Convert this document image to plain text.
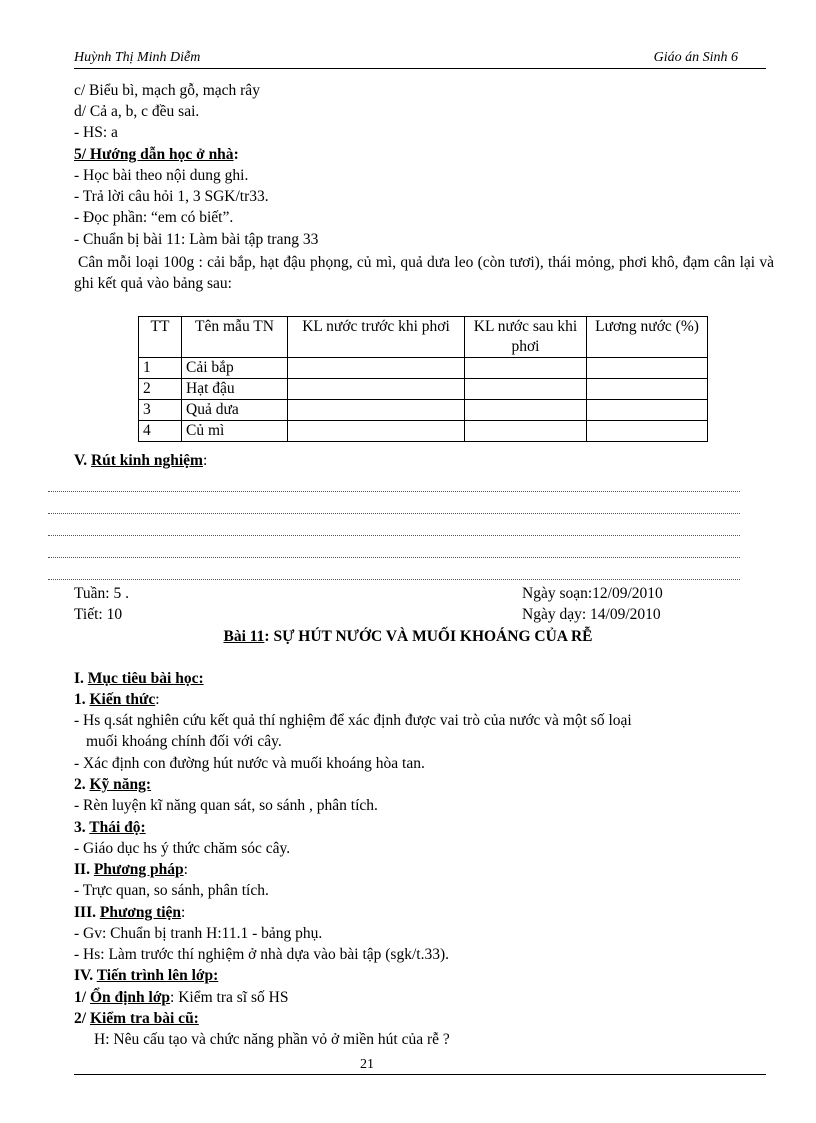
Huỳnh Thị Minh Diễm	Giáo án Sinh 6
c/ Biểu bì, mạch gỗ, mạch rây
d/ Cả a, b, c đều sai.
- HS: a
5/ Hướng dẫn học ở nhà:
- Học bài theo nội dung ghi.
- Trả lời câu hỏi 1, 3 SGK/tr33.
- Đọc phần: “em có biết”.
- Chuẩn bị bài 11: Làm bài tập trang 33
Cân mỗi loại 100g : cải bắp, hạt đậu phọng, củ mì, quả dưa leo (còn tươi), thái mỏng, phơi khô, đạm cân lại và ghi kết quả vào bảng sau:
TT	Tên mẫu TN	KL nước trước khi phơi	KL nước sau khi phơi	Lương nước (%)
1	Cải bắp			
2	Hạt đậu			
3	Quả dưa			
4	Củ mì			
V. Rút kinh nghiệm:
Tuần: 5 .	Ngày soạn:12/09/2010
Tiết: 10	Ngày dạy: 14/09/2010
Bài 11: SỰ HÚT NƯỚC VÀ MUỐI KHOÁNG CỦA RỄ
I. Mục tiêu bài học:
1. Kiến thức:
- Hs q.sát nghiên cứu kết quả thí nghiệm để xác định được vai trò của nước và một số loại
muối khoáng chính đối với cây.
- Xác định con đường hút nước và muối khoáng hòa tan.
2. Kỹ năng:
- Rèn luyện kĩ năng quan sát, so sánh , phân tích.
3. Thái độ:
- Giáo dục hs ý thức chăm sóc cây.
II. Phương pháp:
- Trực quan, so sánh, phân tích.
III. Phương tiện:
- Gv: Chuẩn bị tranh H:11.1 - bảng phụ.
- Hs: Làm trước thí nghiệm ở nhà dựa vào bài tập (sgk/t.33).
IV. Tiến trình lên lớp:
1/ Ổn định lớp: Kiểm tra sĩ số HS
2/ Kiểm tra bài cũ:
H: Nêu cấu tạo và chức năng phần vỏ ở miền hút của rễ ?
21
